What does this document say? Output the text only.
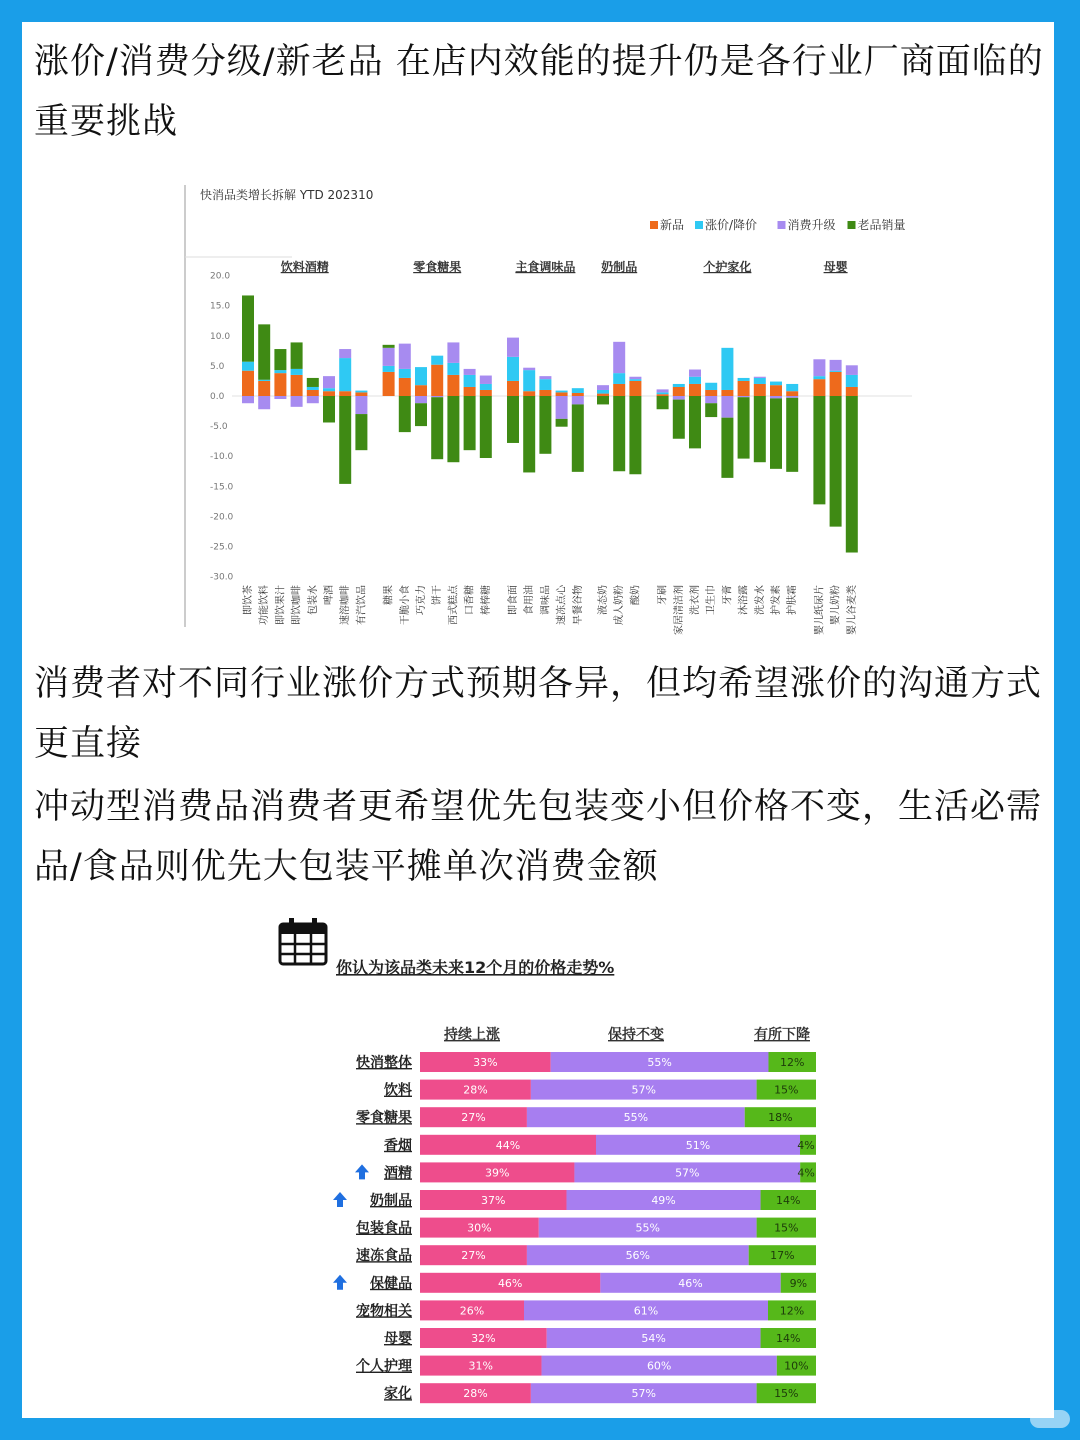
涨价/消费分级/新老品 在店内效能的提升仍是各行业厂商面临的重要挑战
快消品类增长拆解 YTD 202310
新品 涨价/降价	消费升级 老品销量
饮料酒精	零食糖果	主食调味品 奶制品	个护家化	母婴
20.0
15.0
10.0
5.0
0.0
-5.0
-10.0
-15.0
-20.0
-25.0
-30.0
即饮茶 功能饮料 即饮果汁 即饮咖啡 包装水 啤酒 速溶咖啡 有汽饮品 糖果 干脆小食 巧克力 饼干 西式糕点 口香糖 棒棒糖 即食面 食用油 调味品 速冻点心 早餐谷物 液态奶 成人奶粉 酸奶 牙刷 家居清洁剂 洗衣剂 卫生巾 牙膏 沐浴露 洗发水 护发素 护肤霜 婴儿纸尿片 婴儿奶粉 婴儿谷麦类
消费者对不同行业涨价方式预期各异，但均希望涨价的沟通方式更直接
冲动型消费品消费者更希望优先包装变小但价格不变，生活必需品/食品则优先大包装平摊单次消费金额
你认为该品类未来12个月的价格走势%
持续上涨	保持不变	有所下降
快消整体	33%	55%	12%
饮料	28%	57%	15%
零食糖果	27%	55%	18%
香烟	44%	51%	4%
酒精	39%	57%	4%
奶制品	37%	49%	14%
包装食品	30%	55%	15%
速冻食品	27%	56%	17%
保健品	46%	46%	9%
宠物相关	26%	61%	12%
母婴	32%	54%	14%
个人护理	31%	60%	10%
家化	28%	57%	15%
